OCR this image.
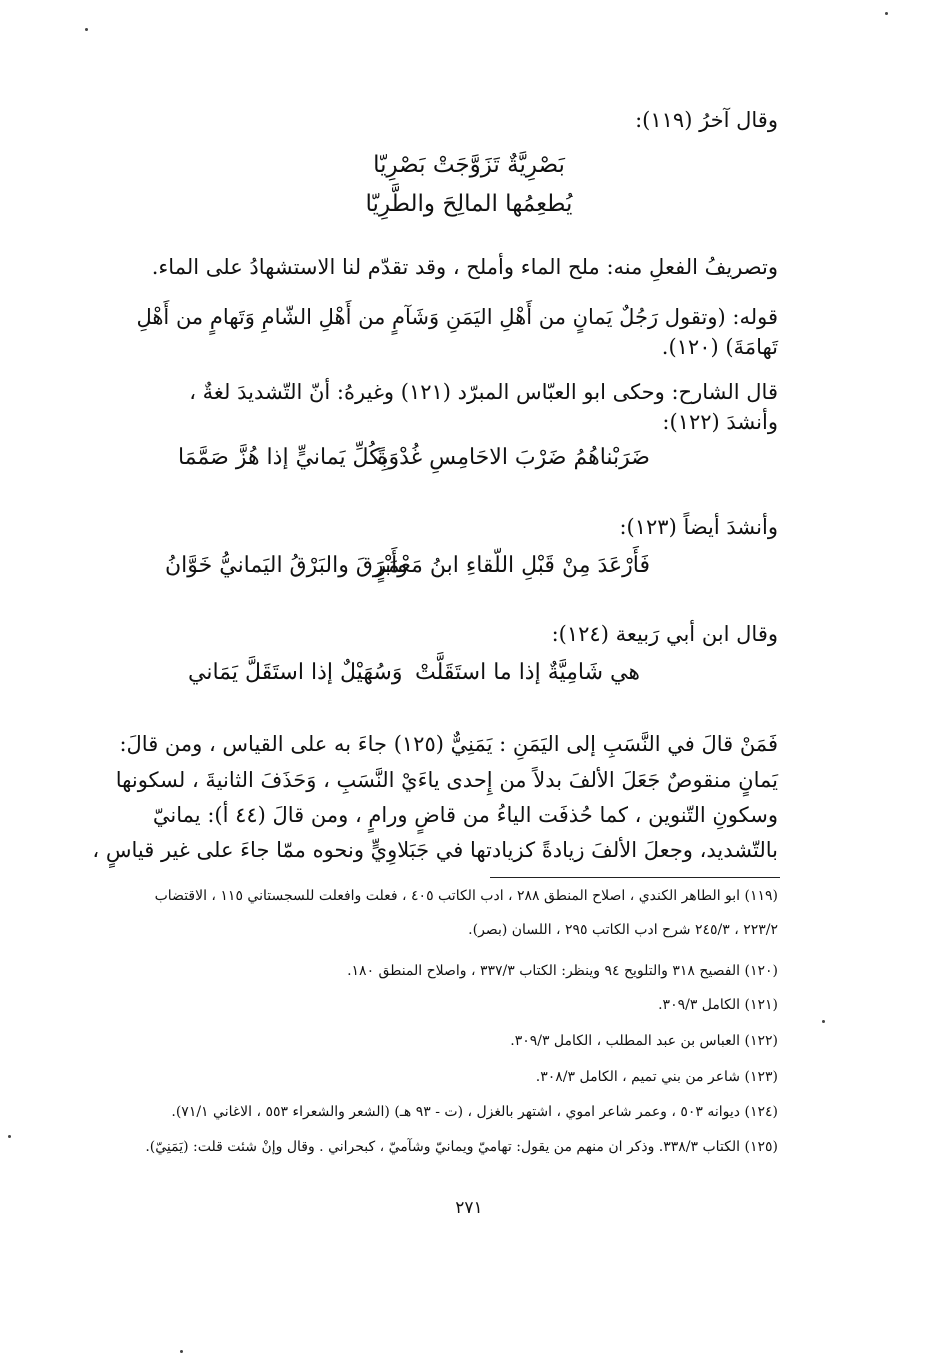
وقال آخرُ (١١٩):
بَصْرِيَّةٌ تَزَوَّجَتْ بَصْرِيّا
يُطعِمُها المالِحَ والطَّرِيّا
وتصريفُ الفعلِ منه: ملح الماء وأملح ، وقد تقدّم لنا الاستشهادُ على الماء.
قوله: (وتقول رَجُلٌ يَمانٍ من أَهْلِ اليَمَنِ وَشَآمٍ من أَهْلِ الشّامِ وَتَهامٍ من أَهْلِ
تَهامَةَ) (١٢٠).
قال الشارح: وحكى ابو العبّاس المبرّد (١٢١) وغيرهُ: أنّ التّشديدَ لغةٌ ،
وأنشدَ (١٢٢):
ضَرَبْناهُمُ ضَرْبَ الاحَامِسِ غُدْوَةً
بِكُلِّ يَمانيٍّ إذا هُزَّ صَمَّمَا
وأنشدَ أيضاً (١٢٣):
فَأَرْعَدَ مِنْ قَبْلِ اللّقاءِ ابنُ مَعْمَرٍ
وأَبْرَقَ والبَرْقُ اليَمانيُّ خَوَّانُ
وقال ابن أبي رَبيعة (١٢٤):
هي شَامِيَّةٌ إذا ما استَقَلَّتْ
وَسُهَيْلٌ إذا استَقَلَّ يَمَاني
فَمَنْ قالَ في النَّسَبِ إلى اليَمَنِ : يَمَنِيٌّ (١٢٥) جاءَ به على القياس ، ومن قالَ:
يَمانٍ منقوصٌ جَعَلَ الألفَ بدلاً من إِحدى ياءَيْ النَّسَبِ ، وَحَذَفَ الثانيةَ ، لسكونها
وسكونِ التّنوين ، كما حُذفَت الياءُ من قاضٍ ورامٍ ، ومن قالَ (٤٤ أ): يمانيّ
بالتّشديد، وجعلَ الألفَ زيادةً كزيادتها في جَبَلاوِيٍّ ونحوه ممّا جاءَ على غير قياسٍ ،
(١١٩) ابو الطاهر الكندي ، اصلاح المنطق ٢٨٨ ، ادب الكاتب ٤٠٥ ، فعلت وافعلت للسجستاني ١١٥ ، الاقتضاب
٢٢٣/٢ ، ٢٤٥/٣ شرح ادب الكاتب ٢٩٥ ، اللسان (بصر).
(١٢٠) الفصيح ٣١٨ والتلويح ٩٤ وينظر: الكتاب ٣٣٧/٣ ، واصلاح المنطق ١٨٠.
(١٢١) الكامل ٣٠٩/٣.
(١٢٢) العباس بن عبد المطلب ، الكامل ٣٠٩/٣.
(١٢٣) شاعر من بني تميم ، الكامل ٣٠٨/٣.
(١٢٤) ديوانه ٥٠٣ ، وعمر شاعر اموي ، اشتهر بالغزل ، (ت - ٩٣ هـ) (الشعر والشعراء ٥٥٣ ، الاغاني ٧١/١).
(١٢٥) الكتاب ٣٣٨/٣. وذكر ان منهم من يقول: تهاميّ ويمانيّ وشآميّ ، كبحراني . وقال وإنْ شئت قلت: (يَمَنِيّ).
٢٧١
